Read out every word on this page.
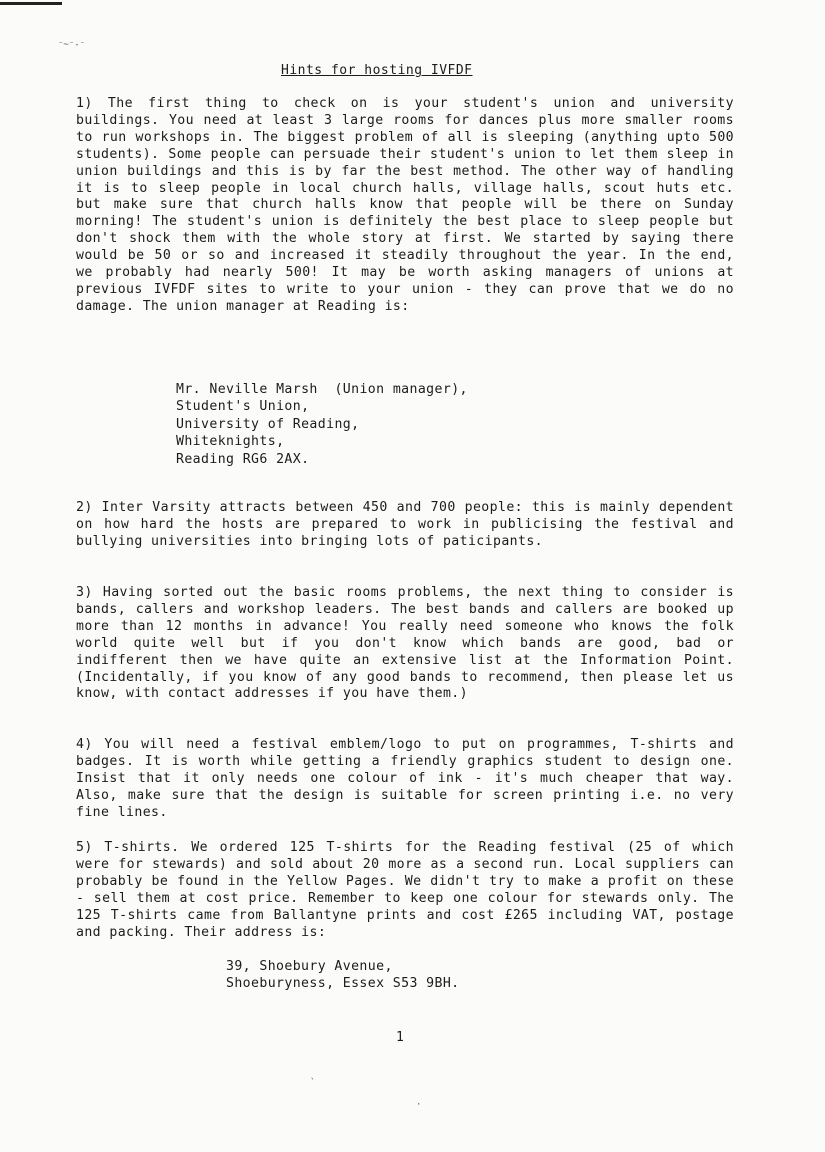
⁻~⁻-⁻
Hints for hosting IVFDF
1) The first thing to check on is your student's union and university buildings. You need at least 3 large rooms for dances plus more smaller rooms to run workshops in. The biggest problem of all is sleeping (anything upto 500 students). Some people can persuade their student's union to let them sleep in union buildings and this is by far the best method. The other way of handling it is to sleep people in local church halls, village halls, scout huts etc. but make sure that church halls know that people will be there on Sunday morning! The student's union is definitely the best place to sleep people but don't shock them with the whole story at first. We started by saying there would be 50 or so and increased it steadily throughout the year. In the end, we probably had nearly 500! It may be worth asking managers of unions at previous IVFDF sites to write to your union - they can prove that we do no damage. The union manager at Reading is:
Mr. Neville Marsh  (Union manager),
Student's Union,
University of Reading,
Whiteknights,
Reading RG6 2AX.
2) Inter Varsity attracts between 450 and 700 people: this is mainly dependent on how hard the hosts are prepared to work in publicising the festival and bullying universities into bringing lots of paticipants.
3) Having sorted out the basic rooms problems, the next thing to consider is bands, callers and workshop leaders. The best bands and callers are booked up more than 12 months in advance! You really need someone who knows the folk world quite well but if you don't know which bands are good, bad or indifferent then we have quite an extensive list at the Information Point. (Incidentally, if you know of any good bands to recommend, then please let us know, with contact addresses if you have them.)
4) You will need a festival emblem/logo to put on programmes, T-shirts and badges. It is worth while getting a friendly graphics student to design one. Insist that it only needs one colour of ink - it's much cheaper that way. Also, make sure that the design is suitable for screen printing i.e. no very fine lines.
5) T-shirts. We ordered 125 T-shirts for the Reading festival (25 of which were for stewards) and sold about 20 more as a second run. Local suppliers can probably be found in the Yellow Pages. We didn't try to make a profit on these - sell them at cost price. Remember to keep one colour for stewards only. The 125 T-shirts came from Ballantyne prints and cost £265 including VAT, postage and packing. Their address is:
39, Shoebury Avenue,
Shoeburyness, Essex S53 9BH.
1
`
·
